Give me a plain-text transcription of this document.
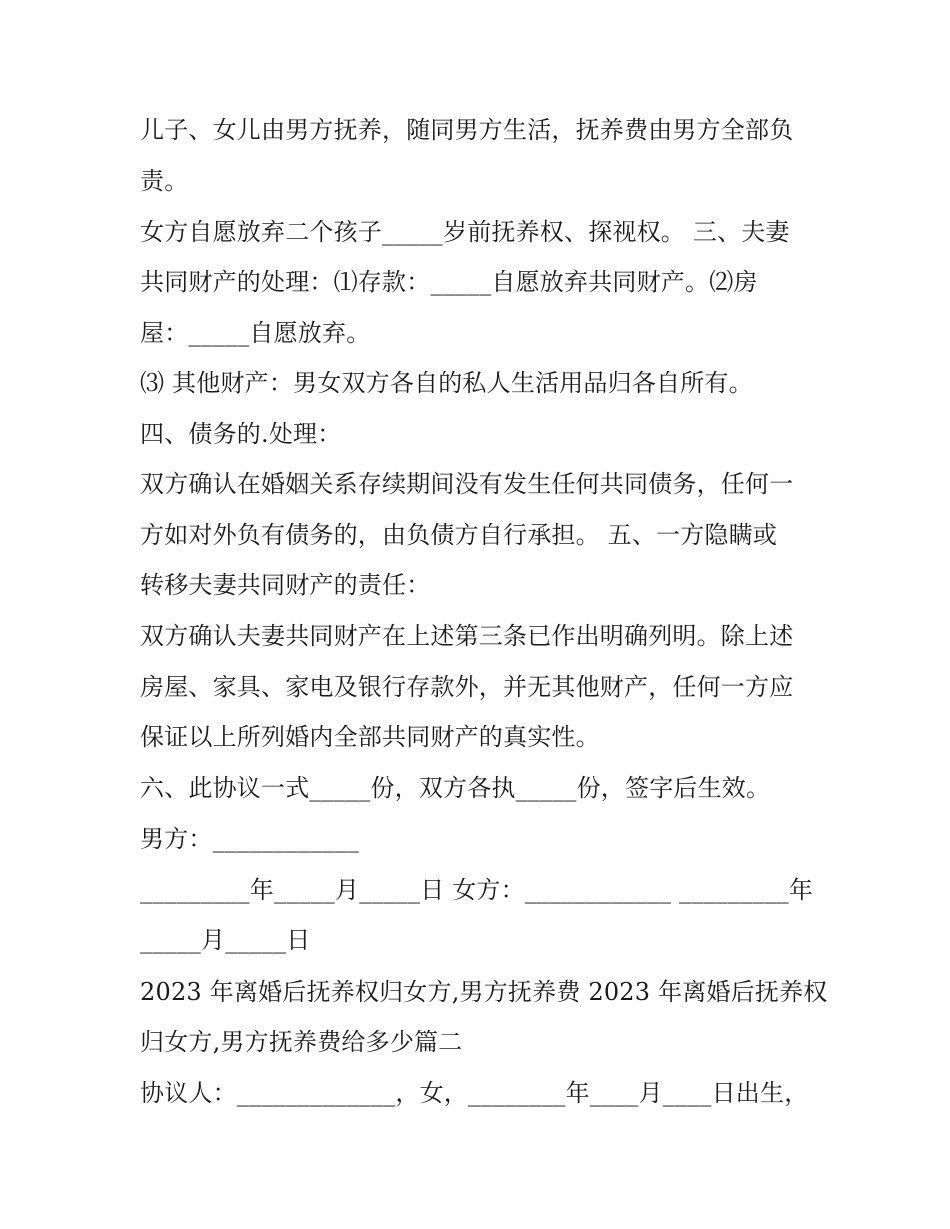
儿子、女儿由男方抚养，随同男方生活，抚养费由男方全部负
责。
女方自愿放弃二个孩子_____岁前抚养权、探视权。 三、夫妻
共同财产的处理：⑴存款：_____自愿放弃共同财产。⑵房
屋：_____自愿放弃。
⑶ 其他财产：男女双方各自的私人生活用品归各自所有。
四、债务的.处理：
双方确认在婚姻关系存续期间没有发生任何共同债务，任何一
方如对外负有债务的，由负债方自行承担。 五、一方隐瞒或
转移夫妻共同财产的责任：
双方确认夫妻共同财产在上述第三条已作出明确列明。除上述
房屋、家具、家电及银行存款外，并无其他财产，任何一方应
保证以上所列婚内全部共同财产的真实性。
六、此协议一式_____份，双方各执_____份，签字后生效。
男方：____________
_________年_____月_____日 女方：____________ _________年
_____月_____日
2023 年离婚后抚养权归女方,男方抚养费 2023 年离婚后抚养权
归女方,男方抚养费给多少篇二
协议人：_____________，女，________年____月____日出生，
